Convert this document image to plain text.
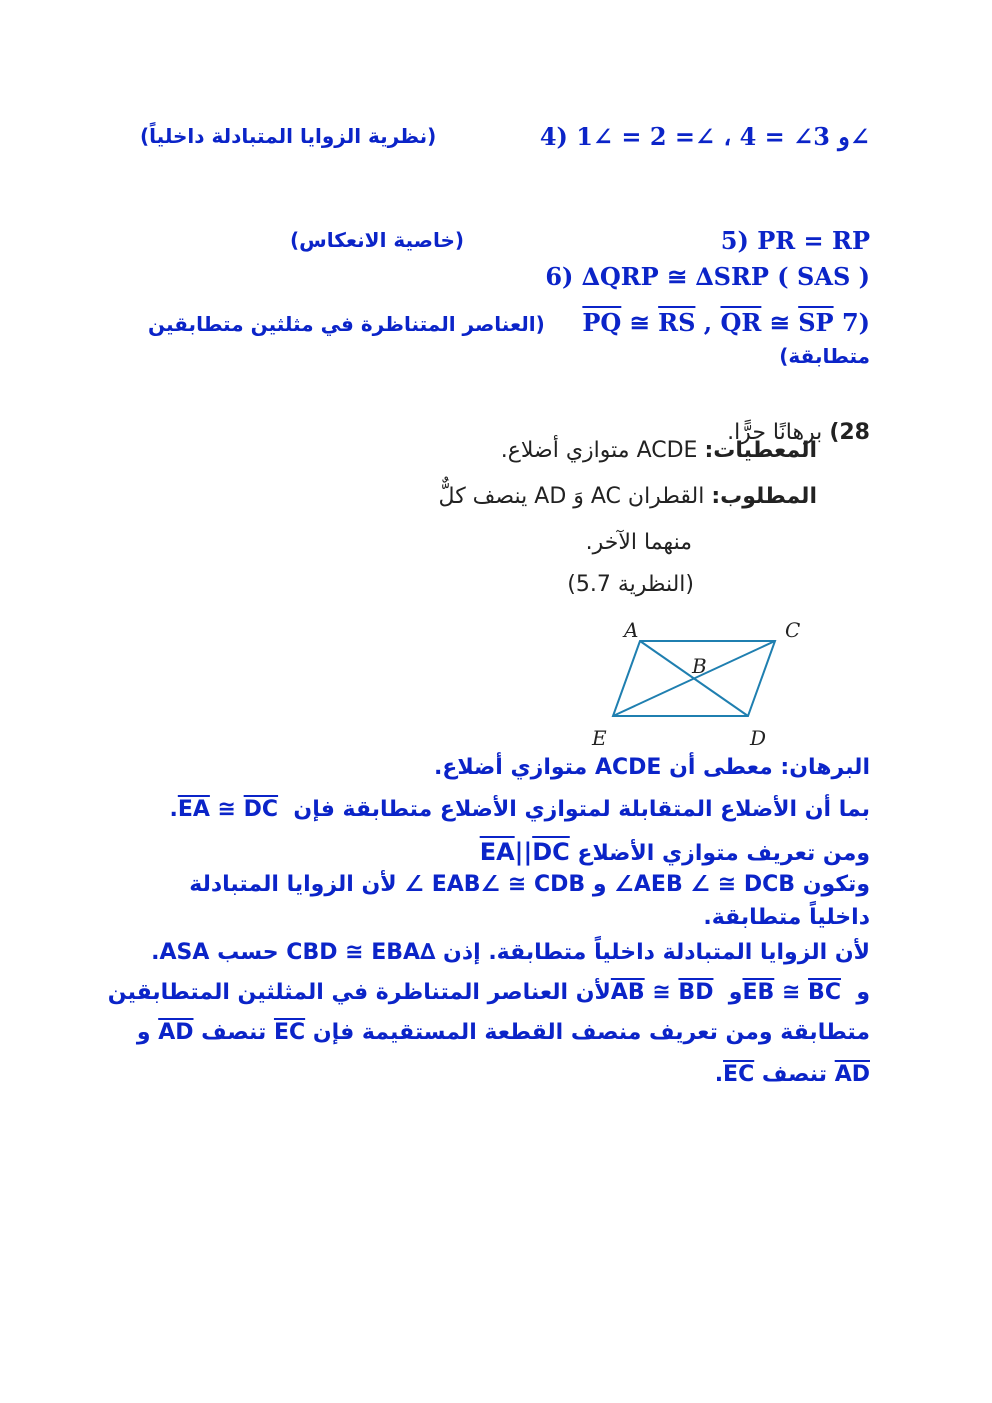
4) 1∠ = 2 =∠ ، و 3∠ = 4∠
(نظرية الزوايا المتبادلة داخلياً)
5) PR = RP
(خاصية الانعكاس)
6) ∆QRP ≅ ∆SRP ( SAS )
$\overline{PQ}$ ≅ $\overline{RS}$ , $\overline{QR}$ ≅ $\overline{SP}$ 7)
(العناصر المتناظرة في مثلثين متطابقين
متطابقة)
28) برهانًا حرًّا.
المعطيات: ACDE متوازي أضلاع.
المطلوب: القطران AC وَ AD ينصف كلٌّ
منهما الآخر.
(النظرية 5.7)
A	C
B
E	D
البرهان: معطى أن ACDE متوازي أضلاع.
بما أن الأضلاع المتقابلة لمتوازي الأضلاع متطابقة فإن $\overline{EA}$ ≅ $\overline{DC}$ .
ومن تعريف متوازي الأضلاع $\overline{EA}||\overline{DC}$
وتكون AEB ∠ ≅ DCB∠ و EAB∠ ≅ CDB ∠ لأن الزوايا المتبادلة
داخلياً متطابقة.
لأن الزوايا المتبادلة داخلياً متطابقة. إذن ∆CBD ≅ EBA حسب ASA.
و $\overline{EB}$ ≅ $\overline{BC}$ و $\overline{AB}$ ≅ $\overline{BD}$ لأن العناصر المتناظرة في المثلثين المتطابقين
متطابقة ومن تعريف منصف القطعة المستقيمة فإن $\overline{EC}$ تنصف $\overline{AD}$ و
$\overline{AD}$ تنصف $\overline{EC}$.
